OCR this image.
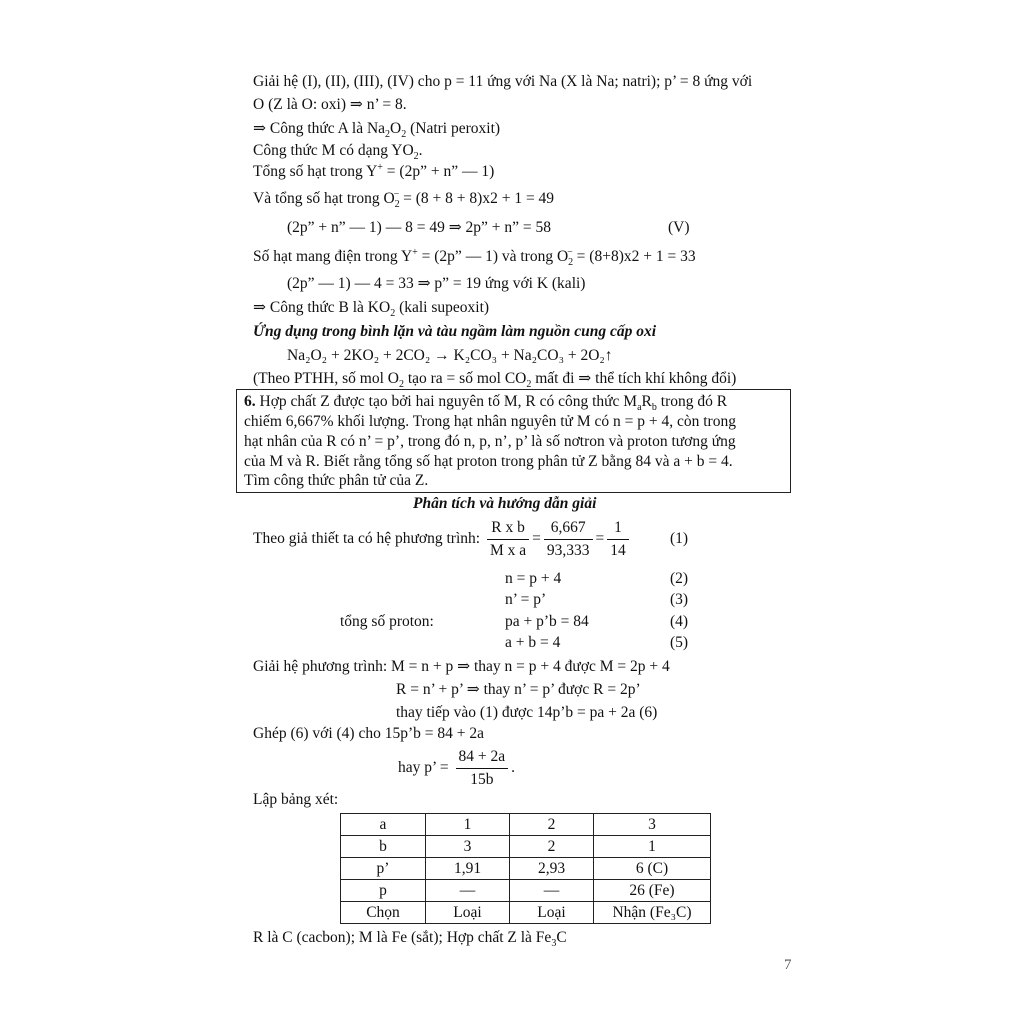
Giải hệ (I), (II), (III), (IV) cho p = 11 ứng với Na (X là Na; natri); p’ = 8 ứng với
O (Z là O: oxi) ⇒ n’ = 8.
⇒ Công thức A là $Na_2O_2$ (Natri peroxit)
Công thức M có dạng $YO_2$.
Tổng số hạt trong Y+ = (2p” + n” — 1)
Và tổng số hạt trong $O_2^- = (8 + 8 + 8)x2 + 1 = 49$
(2p” + n” — 1) — 8 = 49 ⇒ 2p” + n” = 58	(V)
Số hạt mang điện trong Y+ = (2p” — 1) và trong $O_2^- = (8+8)x2 + 1 = 33$
(2p” — 1) — 4 = 33 ⇒ p” = 19 ứng với K (kali)
⇒ Công thức B là $KO_2$ (kali supeoxit)
Ứng dụng trong bình lặn và tàu ngầm làm nguồn cung cấp oxi
Na₂O₂ + 2KO₂ + 2CO₂ → K₂CO₃ + Na₂CO₃ + 2O₂↑
(Theo PTHH, số mol $O_2$ tạo ra = số mol $CO_2$ mất đi ⇒ thể tích khí không đổi)
6. Hợp chất Z được tạo bởi hai nguyên tố M, R có công thức $M_aR_b$ trong đó R
chiếm 6,667% khối lượng. Trong hạt nhân nguyên tử M có n = p + 4, còn trong
hạt nhân của R có n’ = p’, trong đó n, p, n’, p’ là số nơtron và proton tương ứng
của M và R. Biết rằng tổng số hạt proton trong phân tử Z bằng 84 và a + b = 4.
Tìm công thức phân tử của Z.
Phân tích và hướng dẫn giải
Theo giả thiết ta có hệ phương trình: $\frac{\text{R x b}}{\text{M x a}} = \frac{6,667}{93,333} = \frac{1}{14}$	(1)
n = p + 4	(2)
n’ = p’	(3)
tổng số proton:	pa + p’b = 84	(4)
a + b = 4	(5)
Giải hệ phương trình: M = n + p ⇒ thay n = p + 4 được M = 2p + 4
R = n’ + p’ ⇒ thay n’ = p’ được R = 2p’
thay tiếp vào (1) được 14p’b = pa + 2a (6)
Ghép (6) với (4) cho 15p’b = 84 + 2a
hay p’ = $\frac{84 + 2a}{15b}$ .
Lập bảng xét:
a	1	2	3
b	3	2	1
p’	1,91	2,93	6 (C)
p	—	—	26 (Fe)
Chọn	Loại	Loại	Nhận (Fe₃C)
R là C (cacbon); M là Fe (sắt); Hợp chất Z là $Fe_3C$
7
